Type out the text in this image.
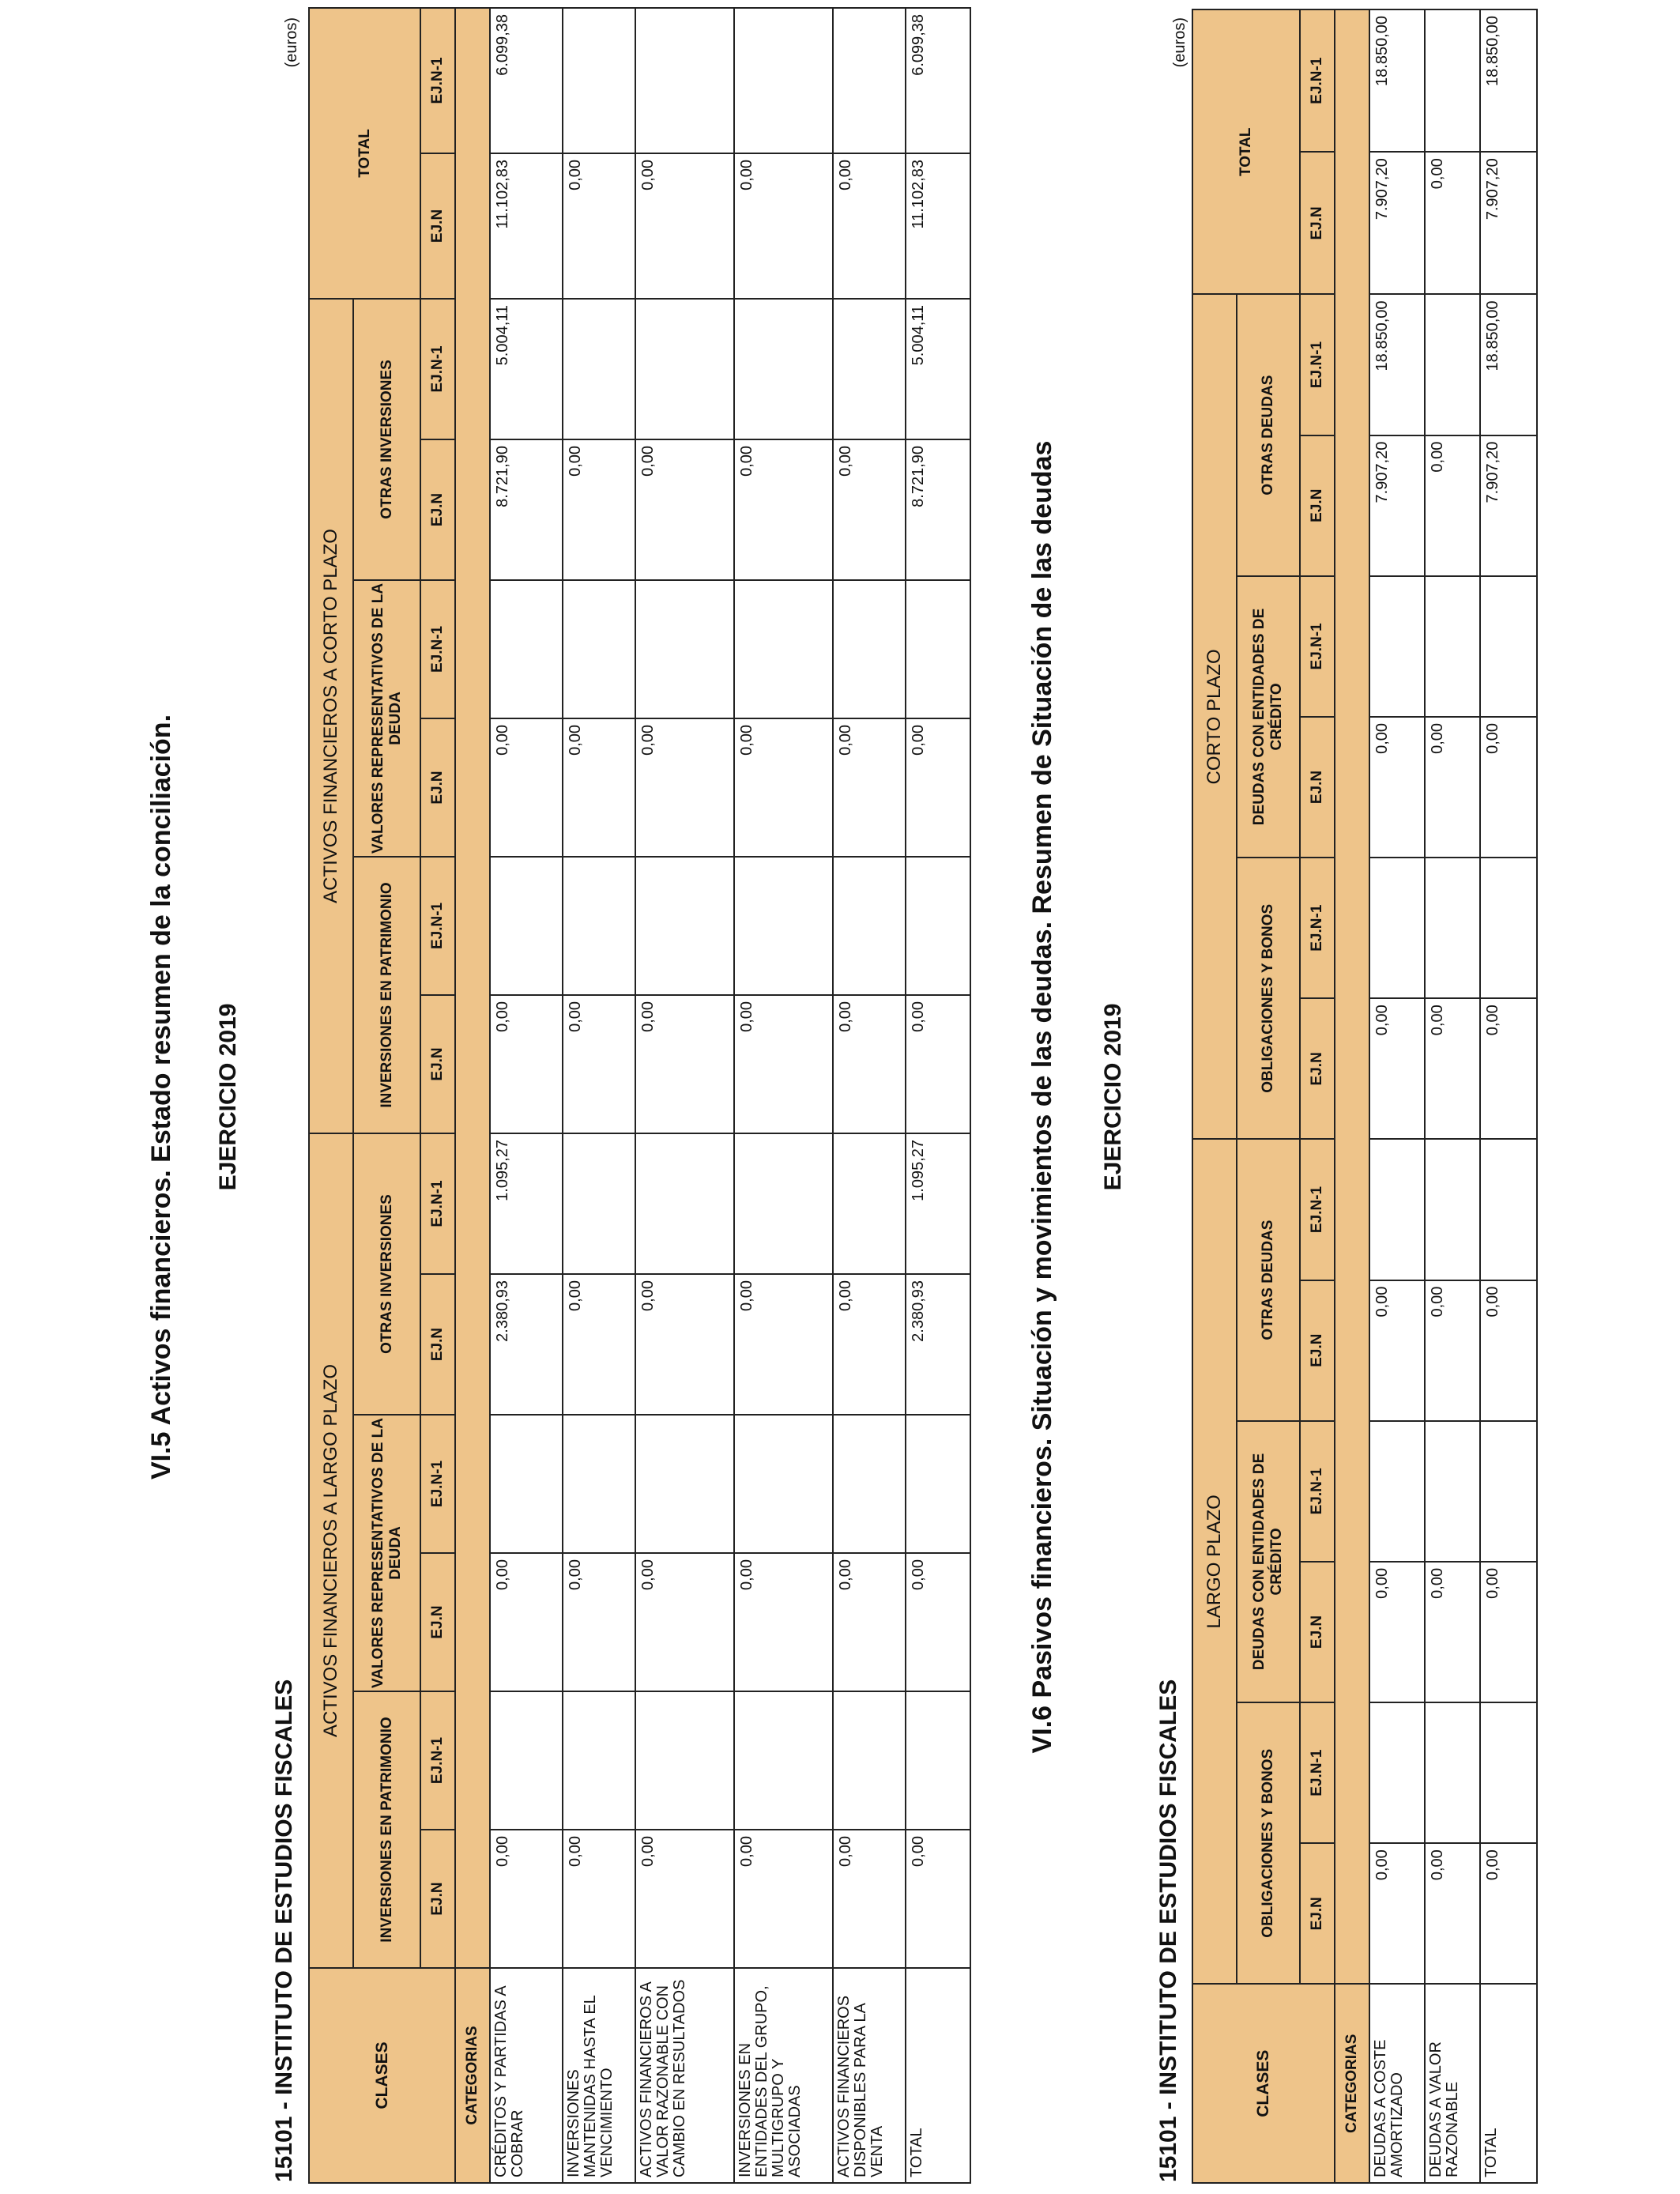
VI.5 Activos financieros. Estado resumen de la conciliación. EJERCICIO 2019
15101 - INSTITUTO DE ESTUDIOS FISCALES
(euros)
CLASES	ACTIVOS FINANCIEROS A LARGO PLAZO						ACTIVOS FINANCIEROS A CORTO PLAZO						TOTAL	
	INVERSIONES EN PATRIMONIO		VALORES REPRESENTATIVOS DE LA DEUDA		OTRAS INVERSIONES		INVERSIONES EN PATRIMONIO		VALORES REPRESENTATIVOS DE LA DEUDA		OTRAS INVERSIONES			
	EJ.N	EJ.N-1	EJ.N	EJ.N-1	EJ.N	EJ.N-1	EJ.N	EJ.N-1	EJ.N	EJ.N-1	EJ.N	EJ.N-1	EJ.N	EJ.N-1
CATEGORIAS														
CRÉDITOS Y PARTIDAS A COBRAR	0,00		0,00		2.380,93	1.095,27	0,00		0,00		8.721,90	5.004,11	11.102,83	6.099,38
INVERSIONES MANTENIDAS HASTA EL VENCIMIENTO	0,00		0,00		0,00		0,00		0,00		0,00		0,00	
ACTIVOS FINANCIEROS A VALOR RAZONABLE CON CAMBIO EN RESULTADOS	0,00		0,00		0,00		0,00		0,00		0,00		0,00	
INVERSIONES EN ENTIDADES DEL GRUPO, MULTIGRUPO Y ASOCIADAS	0,00		0,00		0,00		0,00		0,00		0,00		0,00	
ACTIVOS FINANCIEROS DISPONIBLES PARA LA VENTA	0,00		0,00		0,00		0,00		0,00		0,00		0,00	
TOTAL	0,00		0,00		2.380,93	1.095,27	0,00		0,00		8.721,90	5.004,11	11.102,83	6.099,38
VI.6 Pasivos financieros. Situación y movimientos de las deudas. Resumen de Situación de las deudas EJERCICIO 2019
15101 - INSTITUTO DE ESTUDIOS FISCALES
(euros)
CLASES	LARGO PLAZO						CORTO PLAZO						TOTAL	
	OBLIGACIONES Y BONOS		DEUDAS CON ENTIDADES DE CRÉDITO		OTRAS DEUDAS		OBLIGACIONES Y BONOS		DEUDAS CON ENTIDADES DE CRÉDITO		OTRAS DEUDAS			
	EJ.N	EJ.N-1	EJ.N	EJ.N-1	EJ.N	EJ.N-1	EJ.N	EJ.N-1	EJ.N	EJ.N-1	EJ.N	EJ.N-1	EJ.N	EJ.N-1
CATEGORIAS														
DEUDAS A COSTE AMORTIZADO	0,00		0,00		0,00		0,00		0,00		7.907,20	18.850,00	7.907,20	18.850,00
DEUDAS A VALOR RAZONABLE	0,00		0,00		0,00		0,00		0,00		0,00		0,00	
TOTAL	0,00		0,00		0,00		0,00		0,00		7.907,20	18.850,00	7.907,20	18.850,00
